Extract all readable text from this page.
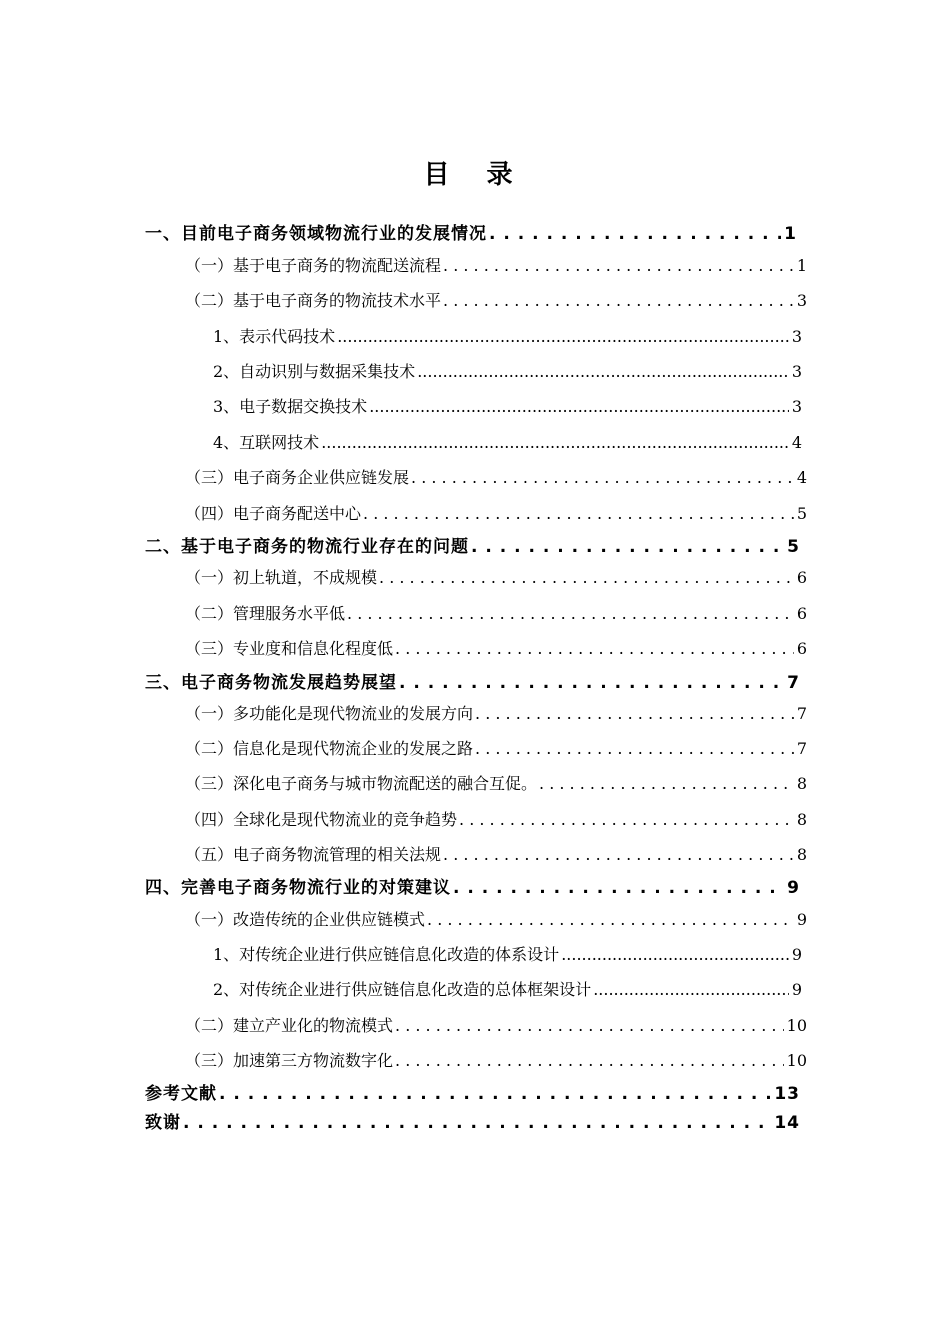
目 录
一、目前电子商务领域物流行业的发展情况 . . .	1
（一）基于电子商务的物流配送流程 . . .	1
（二）基于电子商务的物流技术水平 . . .	3
1、表示代码技术 .....	3
2、自动识别与数据采集技术 .....	3
3、电子数据交换技术 .....	3
4、互联网技术 .....	4
（三）电子商务企业供应链发展 . . .	4
（四）电子商务配送中心 . . .	5
二、基于电子商务的物流行业存在的问题 . . .	5
（一）初上轨道，不成规模 . . .	6
（二）管理服务水平低 . . .	6
（三）专业度和信息化程度低 . . .	6
三、电子商务物流发展趋势展望 . . .	7
（一）多功能化是现代物流业的发展方向 . . .	7
（二）信息化是现代物流企业的发展之路 . . .	7
（三）深化电子商务与城市物流配送的融合互促。 . . .	8
（四）全球化是现代物流业的竞争趋势 . . .	8
（五）电子商务物流管理的相关法规 . . .	8
四、完善电子商务物流行业的对策建议 . . .	9
（一）改造传统的企业供应链模式 . . .	9
1、对传统企业进行供应链信息化改造的体系设计 .....	9
2、对传统企业进行供应链信息化改造的总体框架设计 .....	9
（二）建立产业化的物流模式 . . .	10
（三）加速第三方物流数字化 . . .	10
参考文献 . . .	13
致谢 . . .	14
